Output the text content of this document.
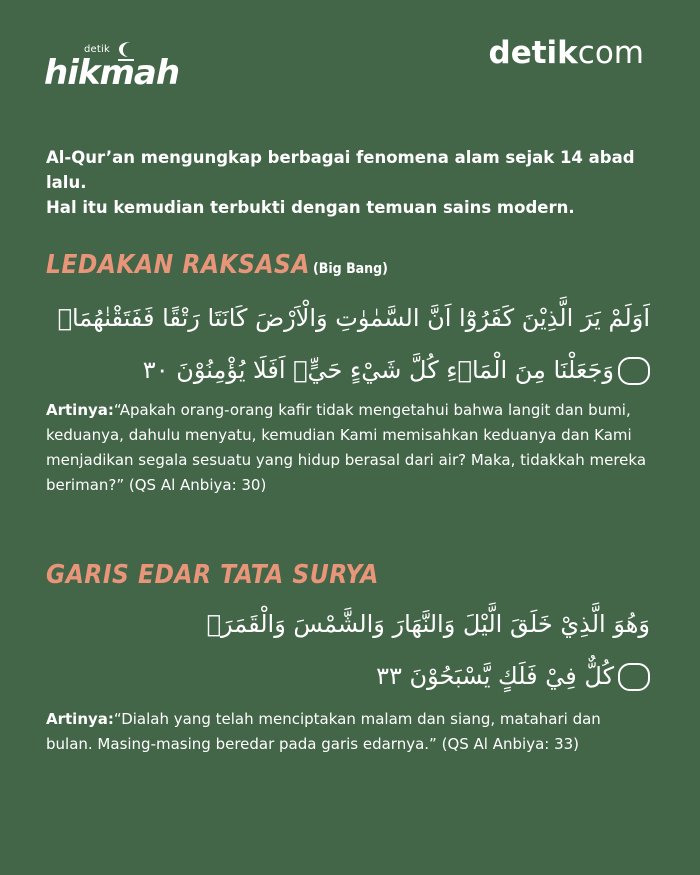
detik
hikmah	detikcom

Al-Qur’an mengungkap berbagai fenomena alam sejak 14 abad lalu.

Hal itu kemudian terbukti dengan temuan sains modern.

LEDAKAN RAKSASA (Big Bang)
اَوَلَمْ يَرَ الَّذِيْنَ كَفَرُوْٓا اَنَّ السَّمٰوٰتِ وَالْاَرْضَ كَانَتَا رَتْقًا فَفَتَقْنٰهُمَاۗ
وَجَعَلْنَا مِنَ الْمَاۤءِ كُلَّ شَيْءٍ حَيٍّۗ اَفَلَا يُؤْمِنُوْنَ ٣٠

Artinya:“Apakah orang-orang kafir tidak mengetahui bahwa langit dan bumi, keduanya, dahulu menyatu, kemudian Kami memisahkan keduanya dan Kami menjadikan segala sesuatu yang hidup berasal dari air? Maka, tidakkah mereka beriman?” (QS Al Anbiya: 30)

GARIS EDAR TATA SURYA
وَهُوَ الَّذِيْ خَلَقَ الَّيْلَ وَالنَّهَارَ وَالشَّمْسَ وَالْقَمَرَۗ
كُلٌّ فِيْ فَلَكٍ يَّسْبَحُوْنَ ٣٣

Artinya:“Dialah yang telah menciptakan malam dan siang, matahari dan bulan. Masing-masing beredar pada garis edarnya.” (QS Al Anbiya: 33)
